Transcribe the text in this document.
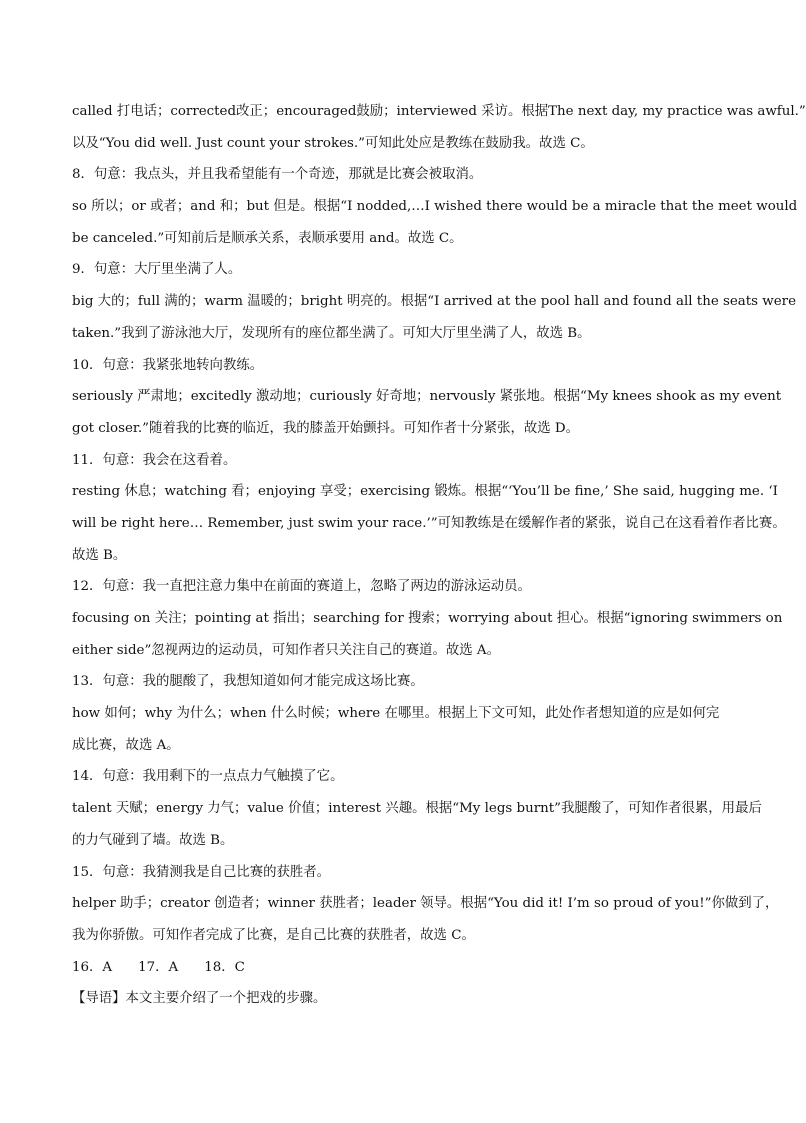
called 打电话；corrected改正；encouraged鼓励；interviewed 采访。根据The next day, my practice was awful.”
以及“You did well. Just count your strokes.”可知此处应是教练在鼓励我。故选 C。
8．句意：我点头，并且我希望能有一个奇迹，那就是比赛会被取消。
so 所以；or 或者；and 和；but 但是。根据“I nodded,…I wished there would be a miracle that the meet would
be canceled.”可知前后是顺承关系，表顺承要用 and。故选 C。
9．句意：大厅里坐满了人。
big 大的；full 满的；warm 温暖的；bright 明亮的。根据“I arrived at the pool hall and found all the seats were
taken.”我到了游泳池大厅，发现所有的座位都坐满了。可知大厅里坐满了人，故选 B。
10．句意：我紧张地转向教练。
seriously 严肃地；excitedly 激动地；curiously 好奇地；nervously 紧张地。根据“My knees shook as my event
got closer.”随着我的比赛的临近，我的膝盖开始颤抖。可知作者十分紧张，故选 D。
11．句意：我会在这看着。
resting 休息；watching 看；enjoying 享受；exercising 锻炼。根据“‘You’ll be fine,’ She said, hugging me. ‘I
will be right here… Remember, just swim your race.’”可知教练是在缓解作者的紧张，说自己在这看着作者比赛。
故选 B。
12．句意：我一直把注意力集中在前面的赛道上，忽略了两边的游泳运动员。
focusing on 关注；pointing at 指出；searching for 搜索；worrying about 担心。根据“ignoring swimmers on
either side”忽视两边的运动员，可知作者只关注自己的赛道。故选 A。
13．句意：我的腿酸了，我想知道如何才能完成这场比赛。
how 如何；why 为什么；when 什么时候；where 在哪里。根据上下文可知，此处作者想知道的应是如何完
成比赛，故选 A。
14．句意：我用剩下的一点点力气触摸了它。
talent 天赋；energy 力气；value 价值；interest 兴趣。根据“My legs burnt”我腿酸了，可知作者很累，用最后
的力气碰到了墙。故选 B。
15．句意：我猜测我是自己比赛的获胜者。
helper 助手；creator 创造者；winner 获胜者；leader 领导。根据“You did it! I’m so proud of you!”你做到了，
我为你骄傲。可知作者完成了比赛，是自己比赛的获胜者，故选 C。
16．A 17．A 18．C
【导语】本文主要介绍了一个把戏的步骤。
